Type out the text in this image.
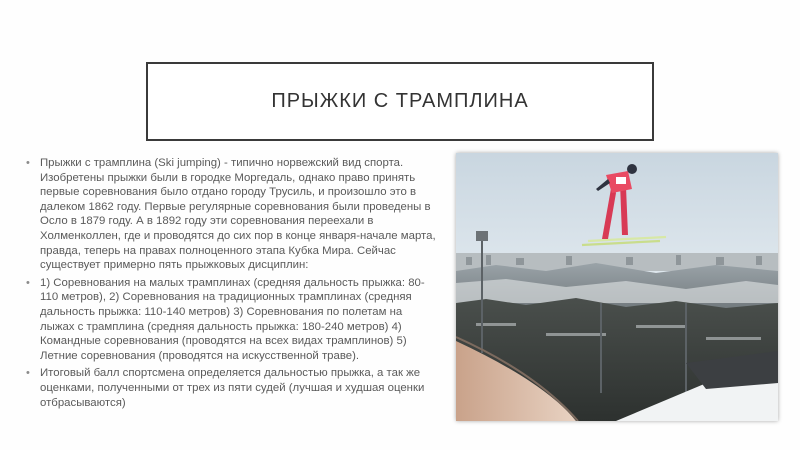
ПРЫЖКИ С ТРАМПЛИНА
• Прыжки с трамплина (Ski jumping) - типично норвежский вид спорта. Изобретены прыжки были в городке Моргедаль, однако право принять первые соревнования было отдано городу Трусиль, и произошло это в далеком 1862 году. Первые регулярные соревнования были проведены в Осло в 1879 году. А в 1892 году эти соревнования переехали в Холменколлен, где и проводятся до сих пор в конце января-начале марта, правда, теперь на правах полноценного этапа Кубка Мира. Сейчас существует примерно пять прыжковых дисциплин:
• 1) Соревнования на малых трамплинах (средняя дальность прыжка: 80-110 метров), 2) Соревнования на традиционных трамплинах (средняя дальность прыжка: 110-140 метров) 3) Соревнования по полетам на лыжах с трамплина (средняя дальность прыжка: 180-240 метров) 4) Командные соревнования (проводятся на всех видах трамплинов) 5) Летние соревнования (проводятся на искусственной траве).
• Итоговый балл спортсмена определяется дальностью прыжка, а так же оценками, полученными от трех из пяти судей (лучшая и худшая оценки отбрасываются)
